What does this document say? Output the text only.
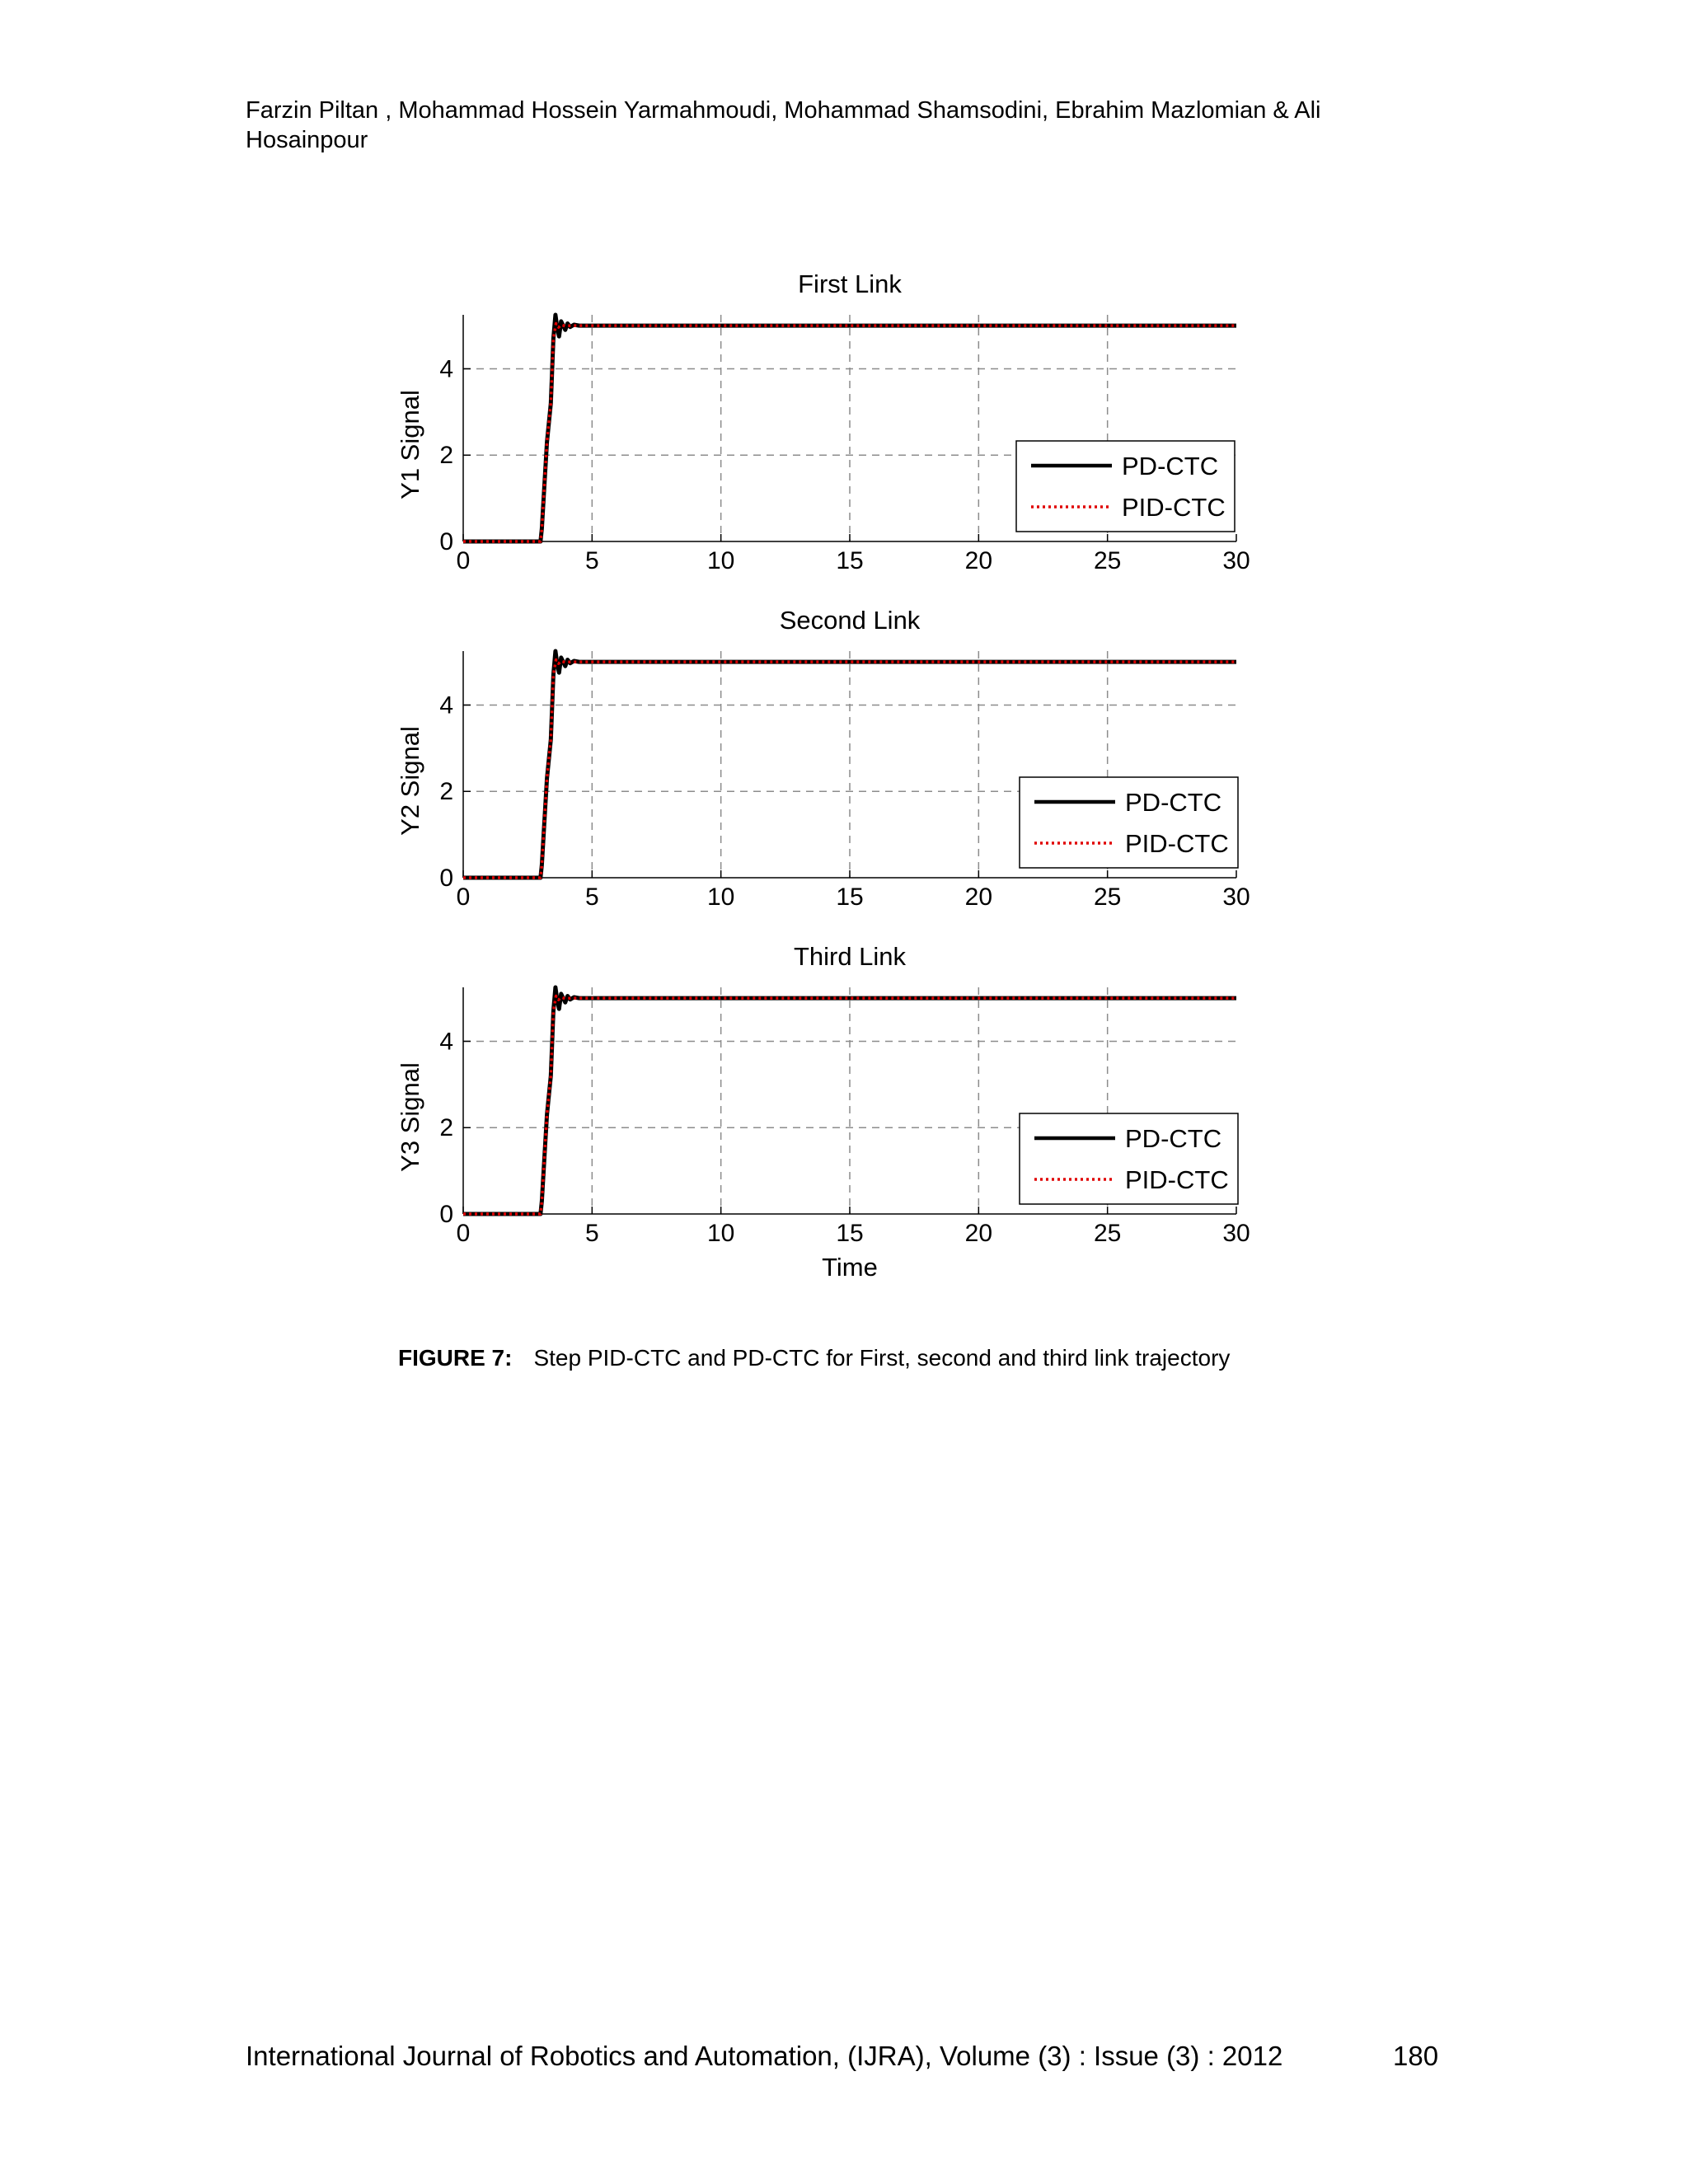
Farzin Piltan , Mohammad Hossein Yarmahmoudi, Mohammad Shamsodini, Ebrahim Mazlomian & Ali Hosainpour
First Link
0	5	10	15	20	25	30
0
2
4
Y1 Signal	PD-CTC
PID-CTC
Second Link
0	5	10	15	20	25	30
0
2
4
Y2 Signal	PD-CTC
PID-CTC
Third Link
0	5	10	15	20	25	30
0
2
4
Y3 Signal
Time
PD-CTC
PID-CTC
FIGURE 7: Step PID-CTC and PD-CTC for First, second and third link trajectory
International Journal of Robotics and Automation, (IJRA), Volume (3) : Issue (3) : 2012	180
